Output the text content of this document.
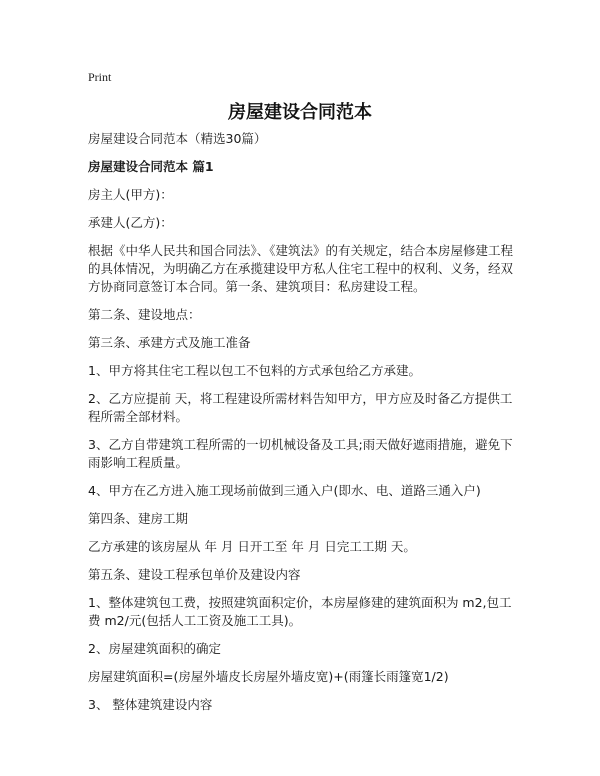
Print
房屋建设合同范本

房屋建设合同范本（精选30篇）

房屋建设合同范本 篇1

房主人(甲方)：

承建人(乙方)：

根据《中华人民共和国合同法》、《建筑法》的有关规定，结合本房屋修建工程的具体情况，为明确乙方在承揽建设甲方私人住宅工程中的权利、义务，经双方协商同意签订本合同。第一条、建筑项目：私房建设工程。

第二条、建设地点：

第三条、承建方式及施工准备

1、甲方将其住宅工程以包工不包料的方式承包给乙方承建。

2、乙方应提前 天，将工程建设所需材料告知甲方，甲方应及时备乙方提供工程所需全部材料。

3、乙方自带建筑工程所需的一切机械设备及工具;雨天做好遮雨措施，避免下雨影响工程质量。

4、甲方在乙方进入施工现场前做到三通入户(即水、电、道路三通入户)

第四条、建房工期

乙方承建的该房屋从 年 月 日开工至 年 月 日完工工期 天。

第五条、建设工程承包单价及建设内容

1、整体建筑包工费，按照建筑面积定价，本房屋修建的建筑面积为 m2,包工费 m2/元(包括人工工资及施工工具)。

2、房屋建筑面积的确定

房屋建筑面积=(房屋外墙皮长房屋外墙皮宽)+(雨篷长雨篷宽1/2)

3、 整体建筑建设内容
